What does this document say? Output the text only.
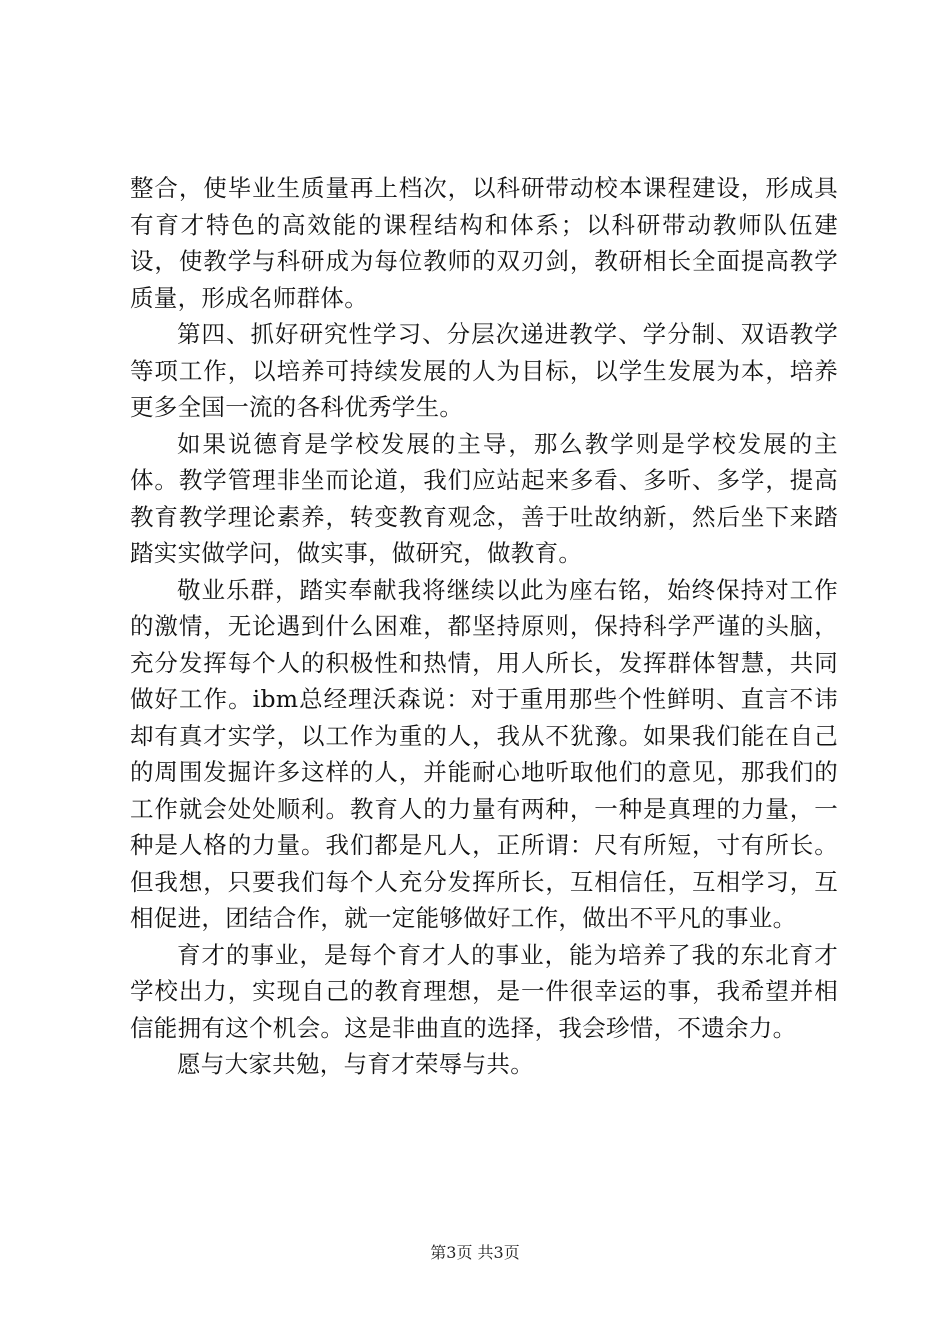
整合，使毕业生质量再上档次，以科研带动校本课程建设，形成具有育才特色的高效能的课程结构和体系；以科研带动教师队伍建设，使教学与科研成为每位教师的双刃剑，教研相长全面提高教学质量，形成名师群体。

第四、抓好研究性学习、分层次递进教学、学分制、双语教学等项工作，以培养可持续发展的人为目标，以学生发展为本，培养更多全国一流的各科优秀学生。

如果说德育是学校发展的主导，那么教学则是学校发展的主体。教学管理非坐而论道，我们应站起来多看、多听、多学，提高教育教学理论素养，转变教育观念，善于吐故纳新，然后坐下来踏踏实实做学问，做实事，做研究，做教育。

敬业乐群，踏实奉献我将继续以此为座右铭，始终保持对工作的激情，无论遇到什么困难，都坚持原则，保持科学严谨的头脑，充分发挥每个人的积极性和热情，用人所长，发挥群体智慧，共同做好工作。ibm总经理沃森说：对于重用那些个性鲜明、直言不讳却有真才实学，以工作为重的人，我从不犹豫。如果我们能在自己的周围发掘许多这样的人，并能耐心地听取他们的意见，那我们的工作就会处处顺利。教育人的力量有两种，一种是真理的力量，一种是人格的力量。我们都是凡人，正所谓：尺有所短，寸有所长。但我想，只要我们每个人充分发挥所长，互相信任，互相学习，互相促进，团结合作，就一定能够做好工作，做出不平凡的事业。

育才的事业，是每个育才人的事业，能为培养了我的东北育才学校出力，实现自己的教育理想，是一件很幸运的事，我希望并相信能拥有这个机会。这是非曲直的选择，我会珍惜，不遗余力。

愿与大家共勉，与育才荣辱与共。

第3页 共3页
